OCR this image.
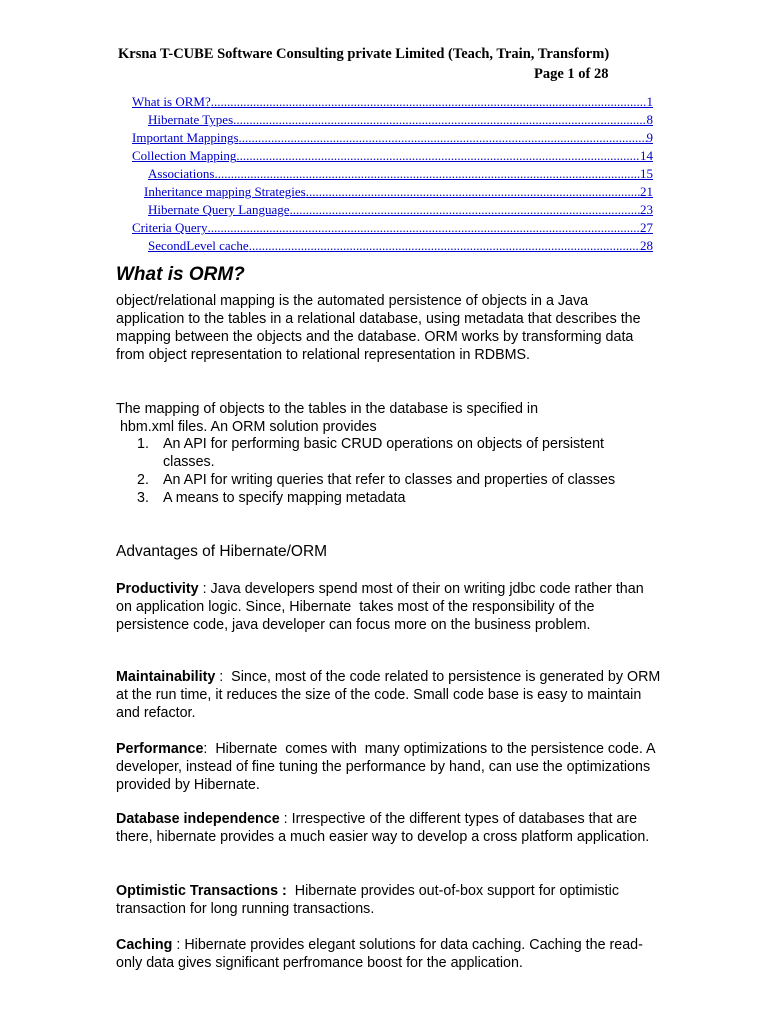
Krsna T-CUBE Software Consulting private Limited (Teach, Train, Transform)
Page 1 of 28
What is ORM? .....	1
Hibernate Types .....	8
Important Mappings .....	9
Collection Mapping .....	14
Associations .....	15
Inheritance mapping Strategies .....	21
Hibernate Query Language .....	23
Criteria Query .....	27
SecondLevel cache .....	28
What is ORM?

object/relational mapping is the automated persistence of objects in a Java application to the tables in a relational database, using metadata that describes the mapping between the objects and the database. ORM works by transforming data from object representation to relational representation in RDBMS.

The mapping of objects to the tables in the database is specified in
hbm.xml files. An ORM solution provides

1. An API for performing basic CRUD operations on objects of persistent classes.
2. An API for writing queries that refer to classes and properties of classes
3. A means to specify mapping metadata
Advantages of Hibernate/ORM

Productivity : Java developers spend most of their on writing jdbc code rather than on application logic. Since, Hibernate  takes most of the responsibility of the persistence code, java developer can focus more on the business problem.

Maintainability :  Since, most of the code related to persistence is generated by ORM at the run time, it reduces the size of the code. Small code base is easy to maintain and refactor.

Performance:  Hibernate  comes with  many optimizations to the persistence code. A developer, instead of fine tuning the performance by hand, can use the optimizations provided by Hibernate.

Database independence : Irrespective of the different types of databases that are there, hibernate provides a much easier way to develop a cross platform application.

Optimistic Transactions :  Hibernate provides out-of-box support for optimistic transaction for long running transactions.

Caching : Hibernate provides elegant solutions for data caching. Caching the read-only data gives significant perfromance boost for the application.
